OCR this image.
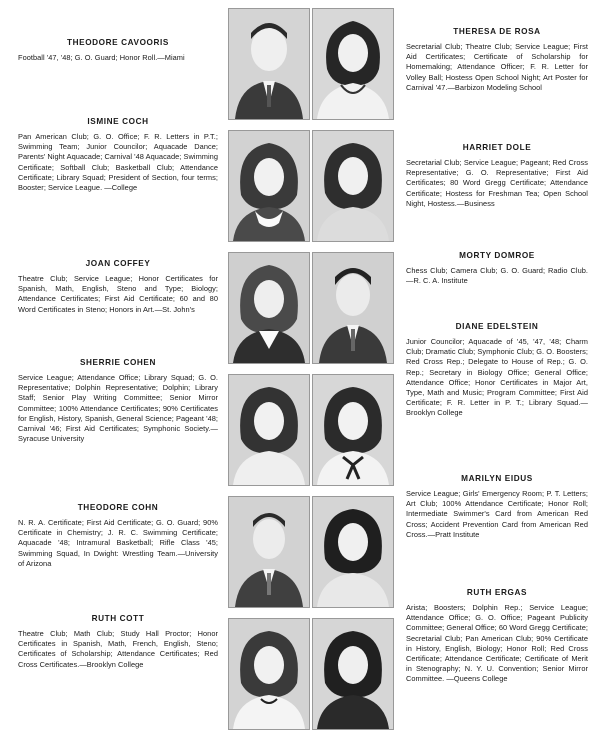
THEODORE CAVOORIS
Football '47, '48; G. O. Guard; Honor Roll.—Miami
ISMINE COCH
Pan American Club; G. O. Office; F. R. Letters in P.T.; Swimming Team; Junior Councilor; Aquacade Dance; Parents' Night Aquacade; Carnival '48 Aquacade; Swimming Certificate; Softball Club; Basketball Club; Attendance Certificate; Library Squad; President of Section, four terms; Booster; Service League. —College
JOAN COFFEY
Theatre Club; Service League; Honor Certificates for Spanish, Math, English, Steno and Type; Biology; Attendance Certificates; First Aid Certificate; 60 and 80 Word Certificates in Steno; Honors in Art.—St. John's
SHERRIE COHEN
Service League; Attendance Office; Library Squad; G. O. Representative; Dolphin Representative; Dolphin; Library Staff; Senior Play Writing Committee; Senior Mirror Committee; 100% Attendance Certificates; 90% Certificates for English, History, Spanish, General Science; Pageant '48; Carnival '46; First Aid Certificates; Symphonic Society.—Syracuse University
THEODORE COHN
N. R. A. Certificate; First Aid Certificate; G. O. Guard; 90% Certificate in Chemistry; J. R. C. Swimming Certificate; Aquacade '48; Intramural Basketball; Rifle Class '45; Swimming Squad, In Dwight: Wrestling Team.—University of Arizona
RUTH COTT
Theatre Club; Math Club; Study Hall Proctor; Honor Certificates in Spanish, Math, French, English, Steno; Certificates of Scholarship; Attendance Certificates; Red Cross Certificates.—Brooklyn College
THERESA DE ROSA
Secretarial Club; Theatre Club; Service League; First Aid Certificates; Certificate of Scholarship for Homemaking; Attendance Officer; F. R. Letter for Volley Ball; Hostess Open School Night; Art Poster for Carnival '47.—Barbizon Modeling School
HARRIET DOLE
Secretarial Club; Service League; Pageant; Red Cross Representative; G. O. Representative; First Aid Certificates; 80 Word Gregg Certificate; Attendance Certificate; Hostess for Freshman Tea; Open School Night, Hostess.—Business
MORTY DOMROE
Chess Club; Camera Club; G. O. Guard; Radio Club.—R. C. A. Institute
DIANE EDELSTEIN
Junior Councilor; Aquacade of '45, '47, '48; Charm Club; Dramatic Club; Symphonic Club; G. O. Boosters; Red Cross Rep.; Delegate to House of Rep.; G. O. Rep.; Secretary in Biology Office; General Office; Attendance Office; Honor Certificates in Major Art, Type, Math and Music; Program Committee; First Aid Certificate; F. R. Letter in P. T.; Library Squad.—Brooklyn College
MARILYN EIDUS
Service League; Girls' Emergency Room; P. T. Letters; Art Club; 100% Attendance Certificate; Honor Roll; Intermediate Swimmer's Card from American Red Cross; Accident Prevention Card from American Red Cross.—Pratt Institute
RUTH ERGAS
Arista; Boosters; Dolphin Rep.; Service League; Attendance Office; G. O. Office; Pageant Publicity Committee; General Office; 60 Word Gregg Certificate; Secretarial Club; Pan American Club; 90% Certificate in History, English, Biology; Honor Roll; Red Cross Certificate; Attendance Certificate; Certificate of Merit in Stenography; N. Y. U. Convention; Senior Mirror Committee. —Queens College
